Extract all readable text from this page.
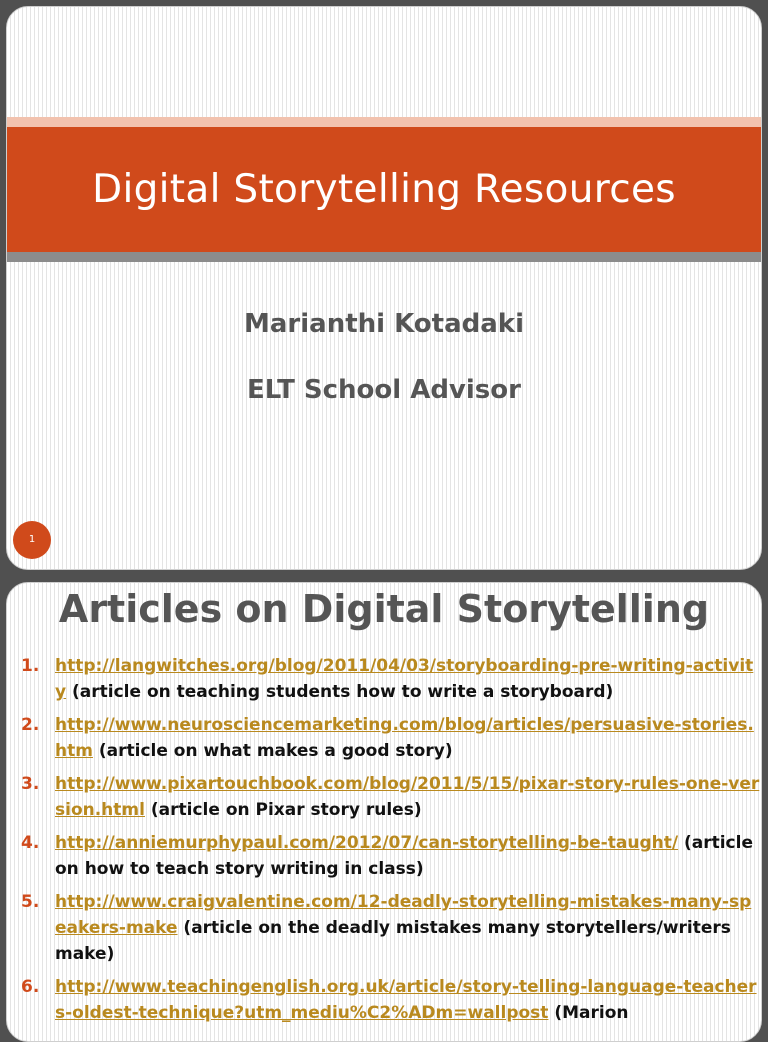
Digital Storytelling Resources
Marianthi Kotadaki
ELT School Advisor
1
Articles on Digital Storytelling
1. http://langwitches.org/blog/2011/04/03/storyboarding-pre-writing-activity (article on teaching students how to write a storyboard)
2. http://www.neurosciencemarketing.com/blog/articles/persuasive-stories.htm (article on what makes a good story)
3. http://www.pixartouchbook.com/blog/2011/5/15/pixar-story-rules-one-version.html (article on Pixar story rules)
4. http://anniemurphypaul.com/2012/07/can-storytelling-be-taught/ (article on how to teach story writing in class)
5. http://www.craigvalentine.com/12-deadly-storytelling-mistakes-many-speakers-make (article on the deadly mistakes many storytellers/writers make)
6. http://www.teachingenglish.org.uk/article/story-telling-language-teachers-oldest-technique?utm_mediu%C2%ADm=wallpost (Marion
